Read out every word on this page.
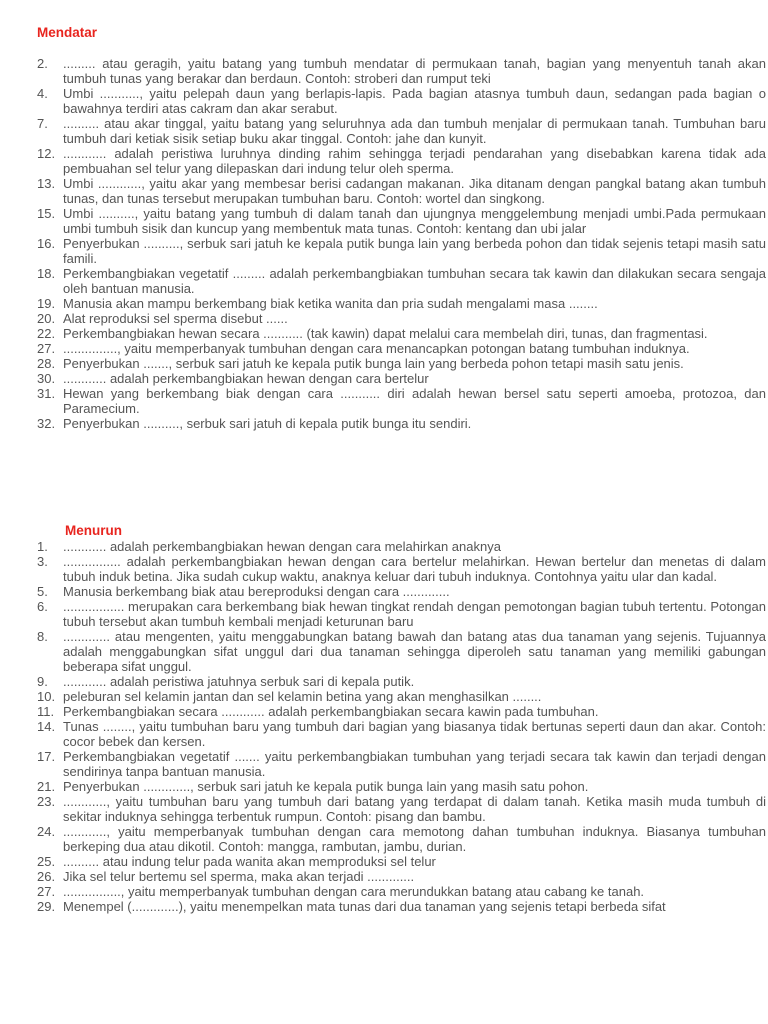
Mendatar
2.	......... atau geragih, yaitu batang yang tumbuh mendatar di permukaan tanah, bagian yang menyentuh tanah akan tumbuh tunas yang berakar dan berdaun. Contoh: stroberi dan rumput teki
4.	Umbi ..........., yaitu pelepah daun yang berlapis-lapis. Pada bagian atasnya tumbuh daun, sedangan pada bagian o bawahnya terdiri atas cakram dan akar serabut.
7.	.......... atau akar tinggal, yaitu batang yang seluruhnya ada dan tumbuh menjalar di permukaan tanah. Tumbuhan baru tumbuh dari ketiak sisik setiap buku akar tinggal. Contoh: jahe dan kunyit.
12. ............ adalah peristiwa luruhnya dinding rahim sehingga terjadi pendarahan yang disebabkan karena tidak ada pembuahan sel telur yang dilepaskan dari indung telur oleh sperma.
13. Umbi ............, yaitu akar yang membesar berisi cadangan makanan. Jika ditanam dengan pangkal batang akan tumbuh tunas, dan tunas tersebut merupakan tumbuhan baru. Contoh: wortel dan singkong.
15. Umbi .........., yaitu batang yang tumbuh di dalam tanah dan ujungnya menggelembung menjadi umbi.Pada permukaan umbi tumbuh sisik dan kuncup yang membentuk mata tunas. Contoh: kentang dan ubi jalar
16. Penyerbukan .........., serbuk sari jatuh ke kepala putik bunga lain yang berbeda pohon dan tidak sejenis tetapi masih satu famili.
18. Perkembangbiakan vegetatif ......... adalah perkembangbiakan tumbuhan secara tak kawin dan dilakukan secara sengaja oleh bantuan manusia.
19. Manusia akan mampu berkembang biak ketika wanita dan pria sudah mengalami masa ........
20. Alat reproduksi sel sperma disebut ......
22. Perkembangbiakan hewan secara ........... (tak kawin) dapat melalui cara membelah diri, tunas, dan fragmentasi.
27. ..............., yaitu memperbanyak tumbuhan dengan cara menancapkan potongan batang tumbuhan induknya.
28. Penyerbukan ......., serbuk sari jatuh ke kepala putik bunga lain yang berbeda pohon tetapi masih satu jenis.
30. ............ adalah perkembangbiakan hewan dengan cara bertelur
31. Hewan yang berkembang biak dengan cara ........... diri adalah hewan bersel satu seperti amoeba, protozoa, dan Paramecium.
32. Penyerbukan .........., serbuk sari jatuh di kepala putik bunga itu sendiri.
Menurun
1.	............ adalah perkembangbiakan hewan dengan cara melahirkan anaknya
3.	................ adalah perkembangbiakan hewan dengan cara bertelur melahirkan. Hewan bertelur dan menetas di dalam tubuh induk betina. Jika sudah cukup waktu, anaknya keluar dari tubuh induknya. Contohnya yaitu ular dan kadal.
5.	Manusia berkembang biak atau bereproduksi dengan cara .............
6.	................. merupakan cara berkembang biak hewan tingkat rendah dengan pemotongan bagian tubuh tertentu. Potongan tubuh tersebut akan tumbuh kembali menjadi keturunan baru
8.	............. atau mengenten, yaitu menggabungkan batang bawah dan batang atas dua tanaman yang sejenis. Tujuannya adalah menggabungkan sifat unggul dari dua tanaman sehingga diperoleh satu tanaman yang memiliki gabungan beberapa sifat unggul.
9.	............ adalah peristiwa jatuhnya serbuk sari di kepala putik.
10. peleburan sel kelamin jantan dan sel kelamin betina yang akan menghasilkan ........
11. Perkembangbiakan secara ............ adalah perkembangbiakan secara kawin pada tumbuhan.
14. Tunas ........, yaitu tumbuhan baru yang tumbuh dari bagian yang biasanya tidak bertunas seperti daun dan akar. Contoh: cocor bebek dan kersen.
17. Perkembangbiakan vegetatif ....... yaitu perkembangbiakan tumbuhan yang terjadi secara tak kawin dan terjadi dengan sendirinya tanpa bantuan manusia.
21. Penyerbukan ............., serbuk sari jatuh ke kepala putik bunga lain yang masih satu pohon.
23. ............, yaitu tumbuhan baru yang tumbuh dari batang yang terdapat di dalam tanah. Ketika masih muda tumbuh di sekitar induknya sehingga terbentuk rumpun. Contoh: pisang dan bambu.
24. ............, yaitu memperbanyak tumbuhan dengan cara memotong dahan tumbuhan induknya. Biasanya tumbuhan berkeping dua atau dikotil. Contoh: mangga, rambutan, jambu, durian.
25. .......... atau indung telur pada wanita akan memproduksi sel telur
26. Jika sel telur bertemu sel sperma, maka akan terjadi .............
27. ................, yaitu memperbanyak tumbuhan dengan cara merundukkan batang atau cabang ke tanah.
29. Menempel (.............), yaitu menempelkan mata tunas dari dua tanaman yang sejenis tetapi berbeda sifat
